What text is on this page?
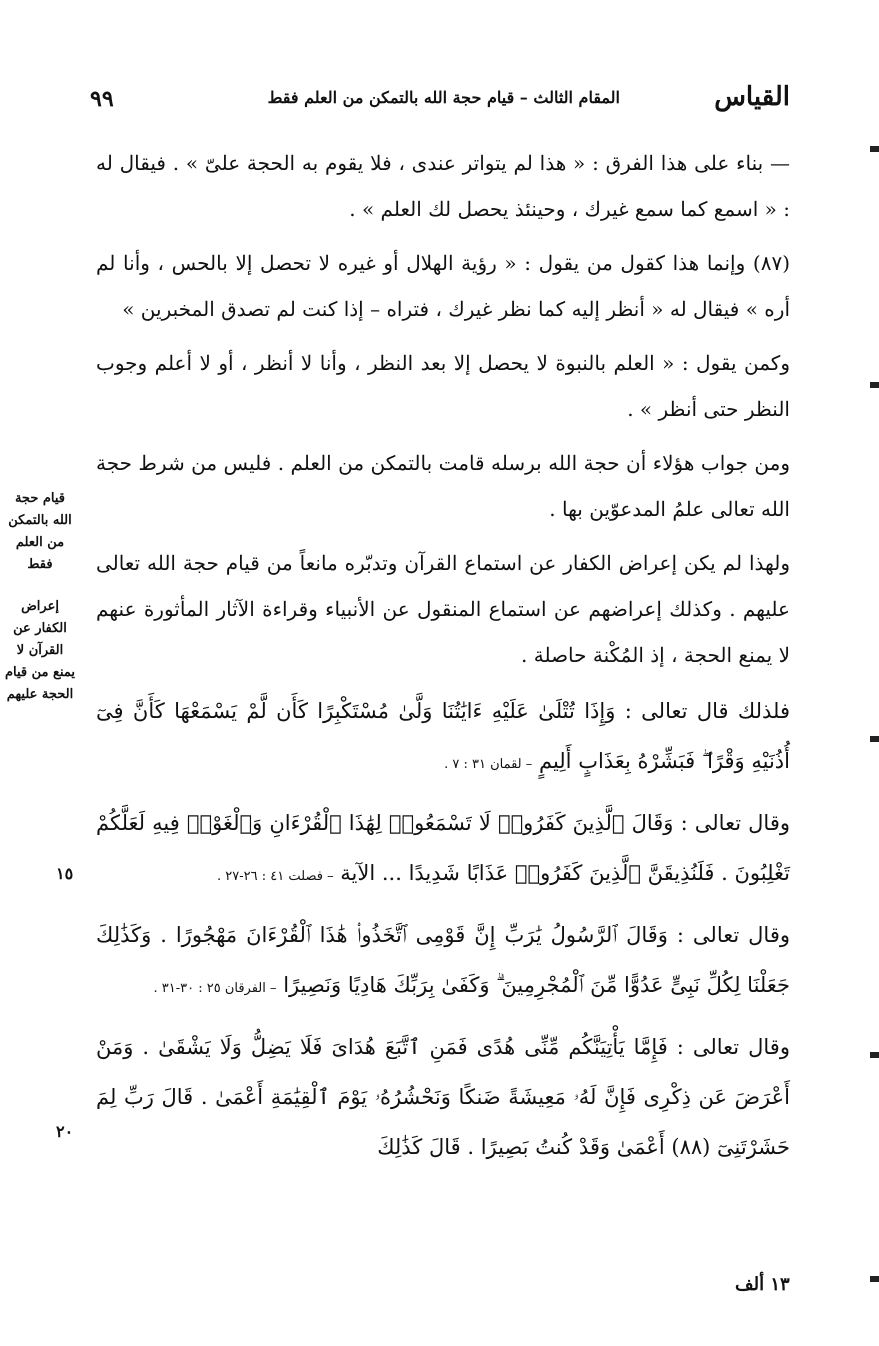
القياس
المقام الثالث – قيام حجة الله بالتمكن من العلم فقط
٩٩

— بناء على هذا الفرق : « هذا لم يتواتر عندى ، فلا يقوم به الحجة علىّ » . فيقال له : « اسمع كما سمع غيرك ، وحينئذ يحصل لك العلم » .

(٨٧) وإنما هذا كقول من يقول : « رؤية الهلال أو غيره لا تحصل إلا بالحس ، وأنا لم أره » فيقال له « أنظر إليه كما نظر غيرك ، فتراه – إذا كنت لم تصدق المخبرين »

وكمن يقول : « العلم بالنبوة لا يحصل إلا بعد النظر ، وأنا لا أنظر ، أو لا أعلم وجوب النظر حتى أنظر » .

ومن جواب هؤلاء أن حجة الله برسله قامت بالتمكن من العلم . فليس من شرط حجة الله تعالى علمُ المدعوّين بها .

ولهذا لم يكن إعراض الكفار عن استماع القرآن وتدبّره مانعاً من قيام حجة الله تعالى عليهم . وكذلك إعراضهم عن استماع المنقول عن الأنبياء وقراءة الآثار المأثورة عنهم لا يمنع الحجة ، إذ المُكْنة حاصلة .

فلذلك قال تعالى : وَإِذَا تُتْلَىٰ عَلَيْهِ ءَايَٰتُنَا وَلَّىٰ مُسْتَكْبِرًا كَأَن لَّمْ يَسْمَعْهَا كَأَنَّ فِىٓ أُذُنَيْهِ وَقْرًا ۖ فَبَشِّرْهُ بِعَذَابٍ أَلِيمٍ – لقمان ٣١ : ٧ .

وقال تعالى : وَقَالَ ٱلَّذِينَ كَفَرُوا۟ لَا تَسْمَعُوا۟ لِهَٰذَا ٱلْقُرْءَانِ وَٱلْغَوْا۟ فِيهِ لَعَلَّكُمْ تَغْلِبُونَ . فَلَنُذِيقَنَّ ٱلَّذِينَ كَفَرُوا۟ عَذَابًا شَدِيدًا ... الآية – فصلت ٤١ : ٢٦-٢٧ .

وقال تعالى : وَقَالَ ٱلرَّسُولُ يَٰرَبِّ إِنَّ قَوْمِى ٱتَّخَذُوا۟ هَٰذَا ٱلْقُرْءَانَ مَهْجُورًا . وَكَذَٰلِكَ جَعَلْنَا لِكُلِّ نَبِىٍّ عَدُوًّا مِّنَ ٱلْمُجْرِمِينَ ۗ وَكَفَىٰ بِرَبِّكَ هَادِيًا وَنَصِيرًا – الفرقان ٢٥ : ٣٠-٣١ .

وقال تعالى : فَإِمَّا يَأْتِيَنَّكُم مِّنِّى هُدًى فَمَنِ ٱتَّبَعَ هُدَاىَ فَلَا يَضِلُّ وَلَا يَشْقَىٰ . وَمَنْ أَعْرَضَ عَن ذِكْرِى فَإِنَّ لَهُۥ مَعِيشَةً ضَنكًا وَنَحْشُرُهُۥ يَوْمَ ٱلْقِيَٰمَةِ أَعْمَىٰ . قَالَ رَبِّ لِمَ حَشَرْتَنِىٓ (٨٨) أَعْمَىٰ وَقَدْ كُنتُ بَصِيرًا . قَالَ كَذَٰلِكَ

قيام حجة الله بالتمكن من العلم فقط
إعراض الكفار عن القرآن لا يمنع من قيام الحجة عليهم
١٥
٢٠
١٣ ألف
